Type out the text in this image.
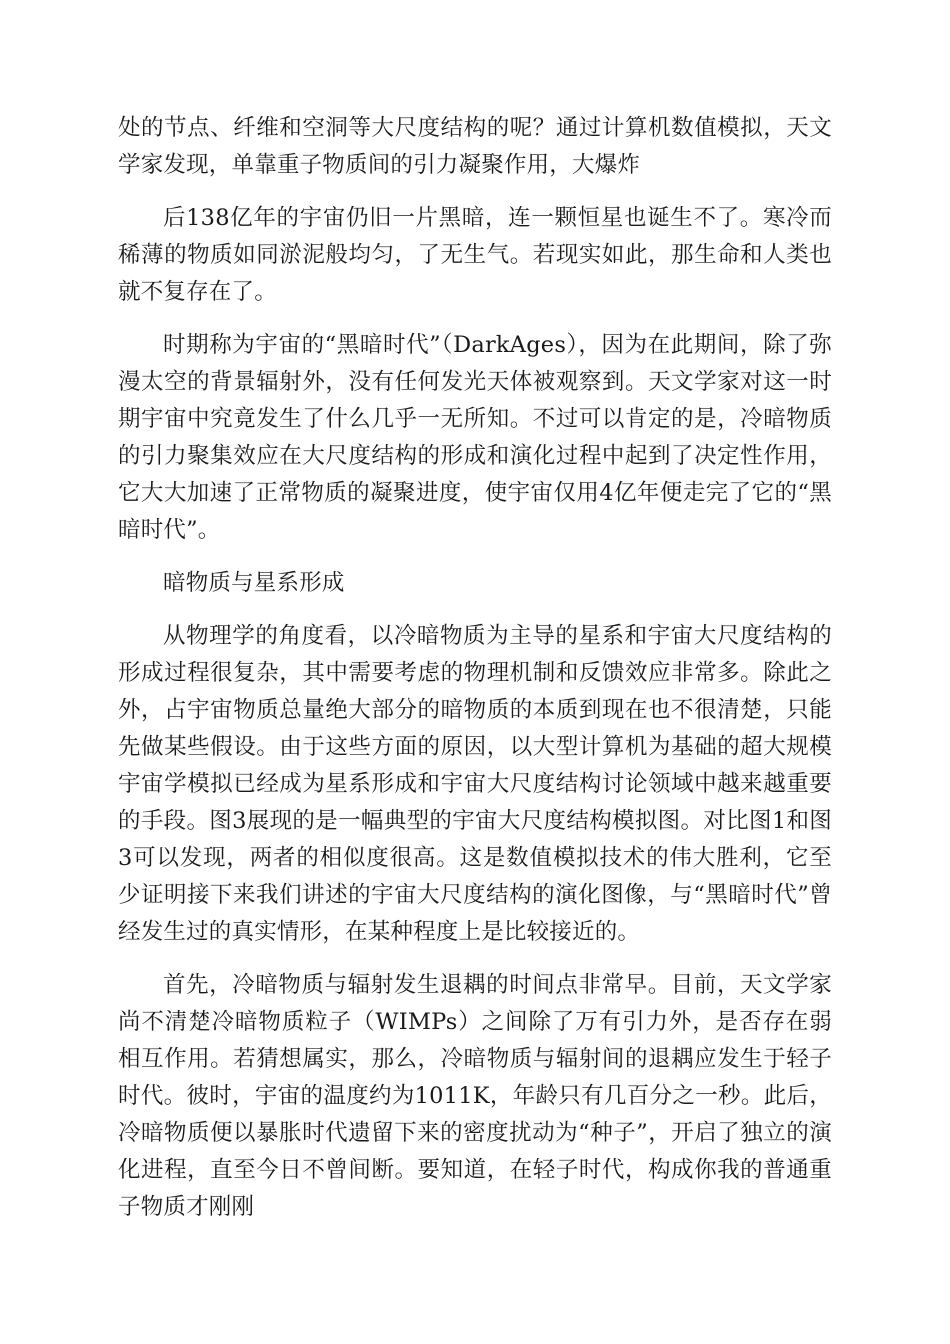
处的节点、纤维和空洞等大尺度结构的呢？通过计算机数值模拟，天文学家发现，单靠重子物质间的引力凝聚作用，大爆炸

后138亿年的宇宙仍旧一片黑暗，连一颗恒星也诞生不了。寒冷而稀薄的物质如同淤泥般均匀，了无生气。若现实如此，那生命和人类也就不复存在了。

时期称为宇宙的“黑暗时代”（DarkAges），因为在此期间，除了弥漫太空的背景辐射外，没有任何发光天体被观察到。天文学家对这一时期宇宙中究竟发生了什么几乎一无所知。不过可以肯定的是，冷暗物质的引力聚集效应在大尺度结构的形成和演化过程中起到了决定性作用，它大大加速了正常物质的凝聚进度，使宇宙仅用4亿年便走完了它的“黑暗时代”。

暗物质与星系形成

从物理学的角度看，以冷暗物质为主导的星系和宇宙大尺度结构的形成过程很复杂，其中需要考虑的物理机制和反馈效应非常多。除此之外，占宇宙物质总量绝大部分的暗物质的本质到现在也不很清楚，只能先做某些假设。由于这些方面的原因，以大型计算机为基础的超大规模宇宙学模拟已经成为星系形成和宇宙大尺度结构讨论领域中越来越重要的手段。图3展现的是一幅典型的宇宙大尺度结构模拟图。对比图1和图3可以发现，两者的相似度很高。这是数值模拟技术的伟大胜利，它至少证明接下来我们讲述的宇宙大尺度结构的演化图像，与“黑暗时代”曾经发生过的真实情形，在某种程度上是比较接近的。

首先，冷暗物质与辐射发生退耦的时间点非常早。目前，天文学家尚不清楚冷暗物质粒子（WIMPs）之间除了万有引力外，是否存在弱相互作用。若猜想属实，那么，冷暗物质与辐射间的退耦应发生于轻子时代。彼时，宇宙的温度约为1011K，年龄只有几百分之一秒。此后，冷暗物质便以暴胀时代遗留下来的密度扰动为“种子”，开启了独立的演化进程，直至今日不曾间断。要知道，在轻子时代，构成你我的普通重子物质才刚刚
